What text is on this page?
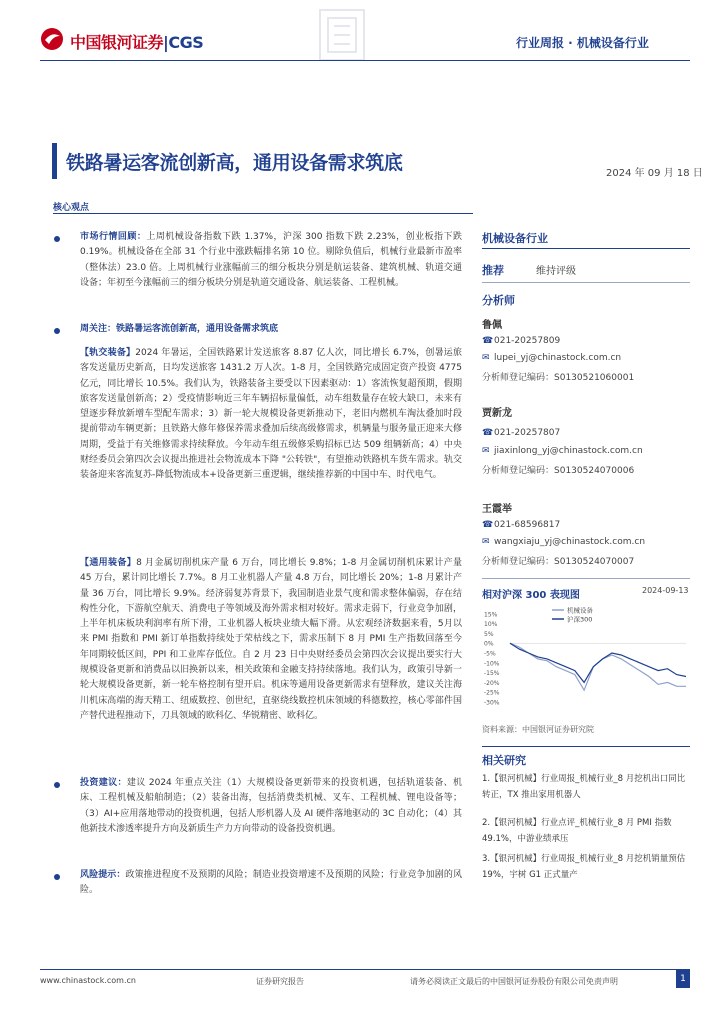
中国银河证券|CGS	行业周报 · 机械设备行业
铁路暑运客流创新高，通用设备需求筑底	2024 年 09 月 18 日
核心观点
市场行情回顾：上周机械设备指数下跌 1.37%，沪深 300 指数下跌 2.23%，创业板指下跌 0.19%。机械设备在全部 31 个行业中涨跌幅排名第 10 位。剔除负值后，机械行业最新市盈率（整体法）23.0 倍。上周机械行业涨幅前三的细分板块分别是航运装备、建筑机械、轨道交通设备；年初至今涨幅前三的细分板块分别是轨道交通设备、航运装备、工程机械。
周关注：铁路暑运客流创新高，通用设备需求筑底
【轨交装备】2024 年暑运，全国铁路累计发送旅客 8.87 亿人次，同比增长 6.7%，创暑运旅客发送量历史新高，日均发送旅客 1431.2 万人次。1-8 月，全国铁路完成固定资产投资 4775 亿元，同比增长 10.5%。我们认为，铁路装备主要受以下因素驱动：1）客流恢复超预期，假期旅客发送量创新高；2）受疫情影响近三年车辆招标量偏低，动车组数量存在较大缺口，未来有望逐步释放新增车型配车需求；3）新一轮大规模设备更新推动下，老旧内燃机车淘汰叠加时段提前带动车辆更新；且铁路大修年修保养需求叠加后续高级修需求，机辆量与服务量正迎来大修周期，受益于有关维修需求持续释放。今年动车组五级修采购招标已达 509 组辆新高；4）中央财经委员会第四次会议提出推进社会物流成本下降 "公转铁"，有望推动铁路机车货车需求。轨交装备迎来客流复苏-降低物流成本+设备更新三重逻辑，继续推荐新的中国中车、时代电气。
【通用装备】8 月金属切削机床产量 6 万台，同比增长 9.8%；1-8 月金属切削机床累计产量 45 万台，累计同比增长 7.7%。8 月工业机器人产量 4.8 万台，同比增长 20%；1-8 月累计产量 36 万台，同比增长 9.9%。经济弱复苏背景下，我国制造业景气度和需求整体偏弱，存在结构性分化，下游航空航天、消费电子等领域及海外需求相对较好。需求走弱下，行业竞争加剧，上半年机床板块利润率有所下滑，工业机器人板块业绩大幅下滑。从宏观经济数据来看，5月以来 PMI 指数和 PMI 新订单指数持续处于荣枯线之下，需求压制下 8 月 PMI 生产指数回落至今年同期较低区间，PPI 和工业库存低位。自 2 月 23 日中央财经委员会第四次会议提出要实行大规模设备更新和消费品以旧换新以来，相关政策和金融支持持续落地。我们认为，政策引导新一轮大规模设备更新，新一轮车格控制有望开启。机床等通用设备更新需求有望释放，建议关注海川机床高端的海天精工、纽威数控、创世纪，直驱绕线数控机床领域的科德数控，核心零部件国产替代进程推动下，刀具领域的欧科亿、华锐精密、欧科亿。
投资建议：建议 2024 年重点关注（1）大规模设备更新带来的投资机遇，包括轨道装备、机床、工程机械及船舶制造；（2）装备出海，包括消费类机械、叉车、工程机械、锂电设备等；（3）AI+应用落地带动的投资机遇，包括人形机器人及 AI 硬件落地驱动的 3C 自动化；（4）其他新技术渗透率提升方向及新质生产力方向带动的设备投资机遇。
风险提示：政策推进程度不及预期的风险；制造业投资增速不及预期的风险；行业竞争加剧的风险。
机械设备行业
推荐	维持评级
分析师
鲁佩
☎021-20257809
✉ lupei_yj@chinastock.com.cn
分析师登记编码：S0130521060001
贾新龙
☎021-20257807
✉ jiaxinlong_yj@chinastock.com.cn
分析师登记编码：S0130524070006
王霞举
☎021-68596817
✉ wangxiaju_yj@chinastock.com.cn
分析师登记编码：S0130524070007
相对沪深 300 表现图	2024-09-13
15%
10%
5%
0%
-5%
-10%
-15%
-20%
-25%
-30%
机械设备
沪深300
资料来源：中国银河证券研究院
相关研究
1.【银河机械】行业周报_机械行业_8 月挖机出口同比转正，TX 推出家用机器人
2.【银河机械】行业点评_机械行业_8 月 PMI 指数 49.1%，中游业绩承压
3.【银河机械】行业周报_机械行业_8 月挖机销量预估 19%，宇树 G1 正式量产
www.chinastock.com.cn	证券研究报告	请务必阅读正文最后的中国银河证券股份有限公司免责声明	1
